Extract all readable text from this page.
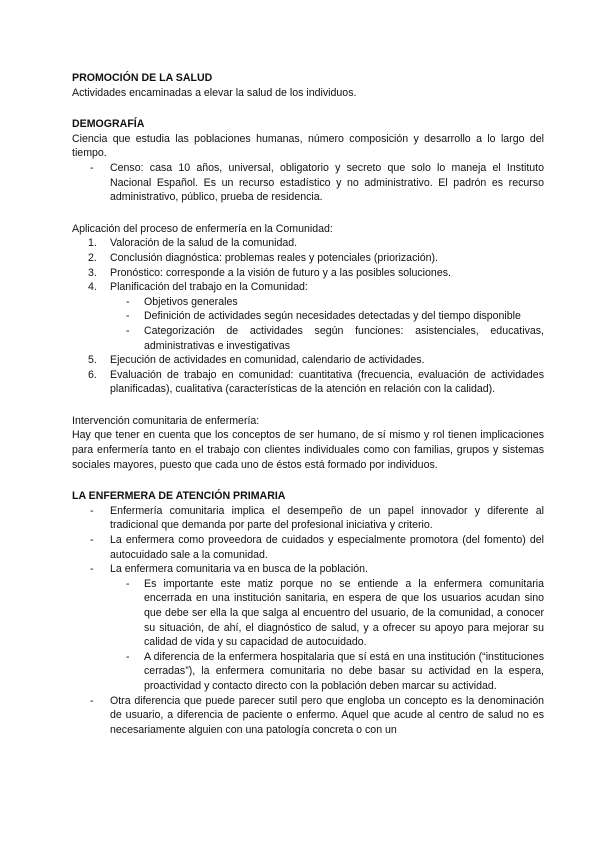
PROMOCIÓN DE LA SALUD

Actividades encaminadas a elevar la salud de los individuos.

DEMOGRAFÍA

Ciencia que estudia las poblaciones humanas, número composición y desarrollo a lo largo del tiempo.

- Censo: casa 10 años, universal, obligatorio y secreto que solo lo maneja el Instituto Nacional Español. Es un recurso estadístico y no administrativo. El padrón es recurso administrativo, público, prueba de residencia.

Aplicación del proceso de enfermería en la Comunidad:

1. Valoración de la salud de la comunidad.
2. Conclusión diagnóstica: problemas reales y potenciales (priorización).
3. Pronóstico: corresponde a la visión de futuro y a las posibles soluciones.
4. Planificación del trabajo en la Comunidad:
- Objetivos generales
- Definición de actividades según necesidades detectadas y del tiempo disponible
- Categorización de actividades según funciones: asistenciales, educativas, administrativas e investigativas
5. Ejecución de actividades en comunidad, calendario de actividades.
6. Evaluación de trabajo en comunidad: cuantitativa (frecuencia, evaluación de actividades planificadas), cualitativa (características de la atención en relación con la calidad).

Intervención comunitaria de enfermería:

Hay que tener en cuenta que los conceptos de ser humano, de sí mismo y rol tienen implicaciones para enfermería tanto en el trabajo con clientes individuales como con familias, grupos y sistemas sociales mayores, puesto que cada uno de éstos está formado por individuos.

LA ENFERMERA DE ATENCIÓN PRIMARIA

- Enfermería comunitaria implica el desempeño de un papel innovador y diferente al tradicional que demanda por parte del profesional iniciativa y criterio.
- La enfermera como proveedora de cuidados y especialmente promotora (del fomento) del autocuidado sale a la comunidad.
- La enfermera comunitaria va en busca de la población.
- Es importante este matiz porque no se entiende a la enfermera comunitaria encerrada en una institución sanitaria, en espera de que los usuarios acudan sino que debe ser ella la que salga al encuentro del usuario, de la comunidad, a conocer su situación, de ahí, el diagnóstico de salud, y a ofrecer su apoyo para mejorar su calidad de vida y su capacidad de autocuidado.
- A diferencia de la enfermera hospitalaria que sí está en una institución (“instituciones cerradas”), la enfermera comunitaria no debe basar su actividad en la espera, proactividad y contacto directo con la población deben marcar su actividad.
- Otra diferencia que puede parecer sutil pero que engloba un concepto es la denominación de usuario, a diferencia de paciente o enfermo. Aquel que acude al centro de salud no es necesariamente alguien con una patología concreta o con un
